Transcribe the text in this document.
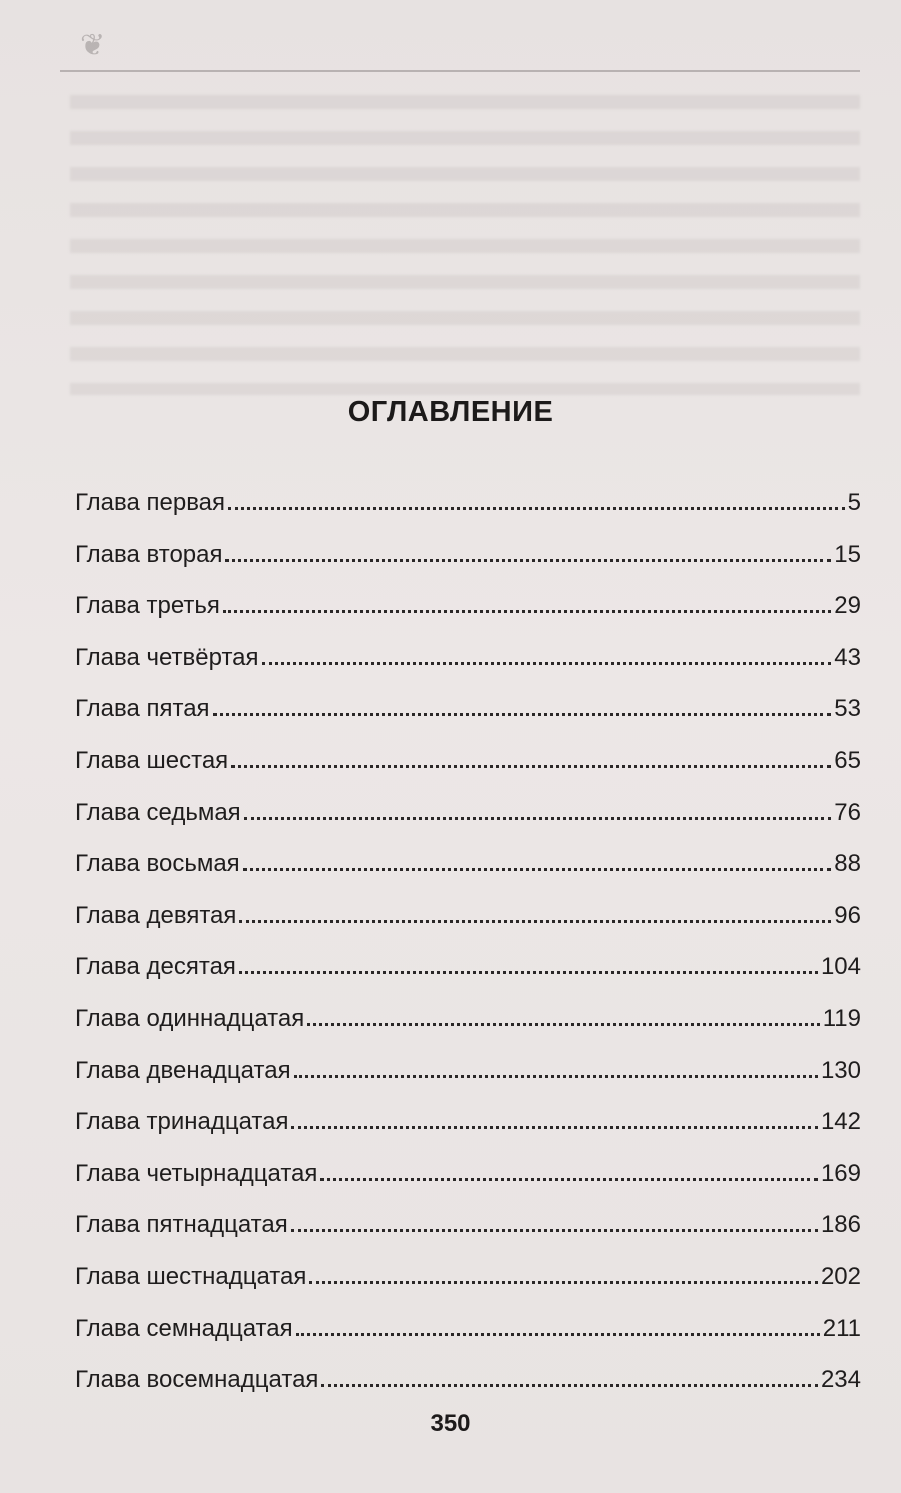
❦
ОГЛАВЛЕНИЕ
Глава первая	5
Глава вторая	15
Глава третья	29
Глава четвёртая	43
Глава пятая	53
Глава шестая	65
Глава седьмая	76
Глава восьмая	88
Глава девятая	96
Глава десятая	104
Глава одиннадцатая	119
Глава двенадцатая	130
Глава тринадцатая	142
Глава четырнадцатая	169
Глава пятнадцатая	186
Глава шестнадцатая	202
Глава семнадцатая	211
Глава восемнадцатая	234
350
